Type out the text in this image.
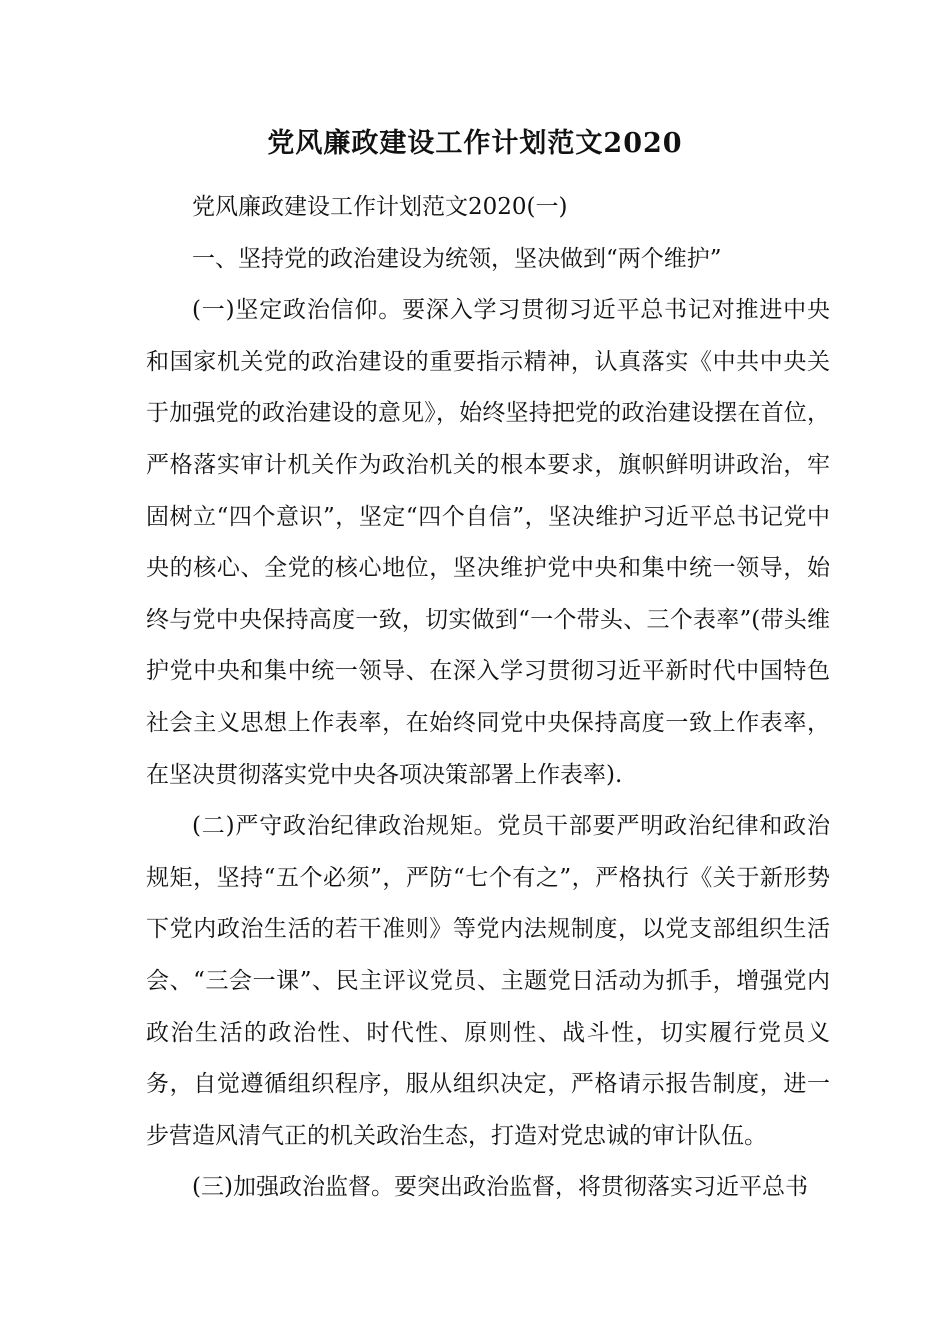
党风廉政建设工作计划范文2020

党风廉政建设工作计划范文2020(一)

一、坚持党的政治建设为统领，坚决做到“两个维护”

(一)坚定政治信仰。要深入学习贯彻习近平总书记对推进中央和国家机关党的政治建设的重要指示精神，认真落实《中共中央关于加强党的政治建设的意见》，始终坚持把党的政治建设摆在首位，严格落实审计机关作为政治机关的根本要求，旗帜鲜明讲政治，牢固树立“四个意识”，坚定“四个自信”，坚决维护习近平总书记党中央的核心、全党的核心地位，坚决维护党中央和集中统一领导，始终与党中央保持高度一致，切实做到“一个带头、三个表率”(带头维护党中央和集中统一领导、在深入学习贯彻习近平新时代中国特色社会主义思想上作表率，在始终同党中央保持高度一致上作表率，在坚决贯彻落实党中央各项决策部署上作表率).

(二)严守政治纪律政治规矩。党员干部要严明政治纪律和政治规矩，坚持“五个必须”，严防“七个有之”，严格执行《关于新形势下党内政治生活的若干准则》等党内法规制度，以党支部组织生活会、“三会一课”、民主评议党员、主题党日活动为抓手，增强党内政治生活的政治性、时代性、原则性、战斗性，切实履行党员义务，自觉遵循组织程序，服从组织决定，严格请示报告制度，进一步营造风清气正的机关政治生态，打造对党忠诚的审计队伍。

(三)加强政治监督。要突出政治监督，将贯彻落实习近平总书
